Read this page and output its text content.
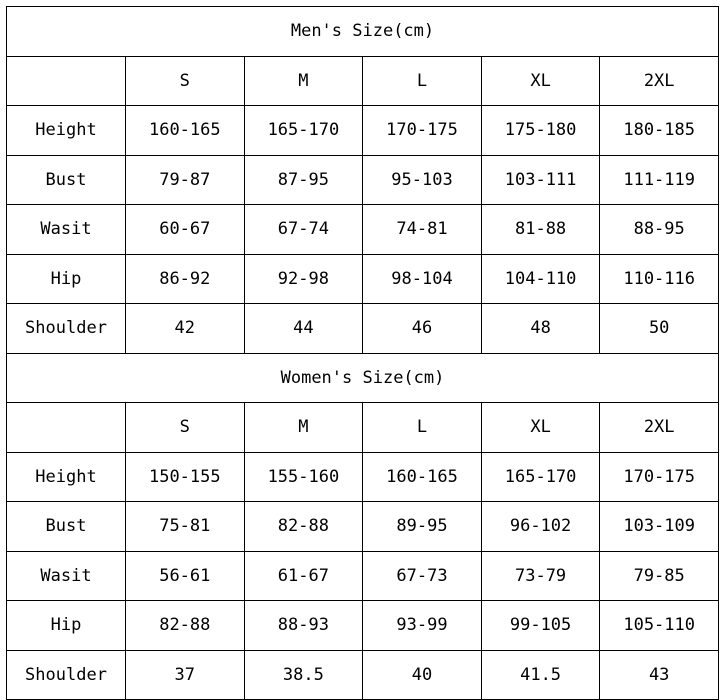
Men's Size(cm)					
	S	M	L	XL	2XL
Height	160-165	165-170	170-175	175-180	180-185
Bust	79-87	87-95	95-103	103-111	111-119
Wasit	60-67	67-74	74-81	81-88	88-95
Hip	86-92	92-98	98-104	104-110	110-116
Shoulder	42	44	46	48	50
Women's Size(cm)					
	S	M	L	XL	2XL
Height	150-155	155-160	160-165	165-170	170-175
Bust	75-81	82-88	89-95	96-102	103-109
Wasit	56-61	61-67	67-73	73-79	79-85
Hip	82-88	88-93	93-99	99-105	105-110
Shoulder	37	38.5	40	41.5	43
